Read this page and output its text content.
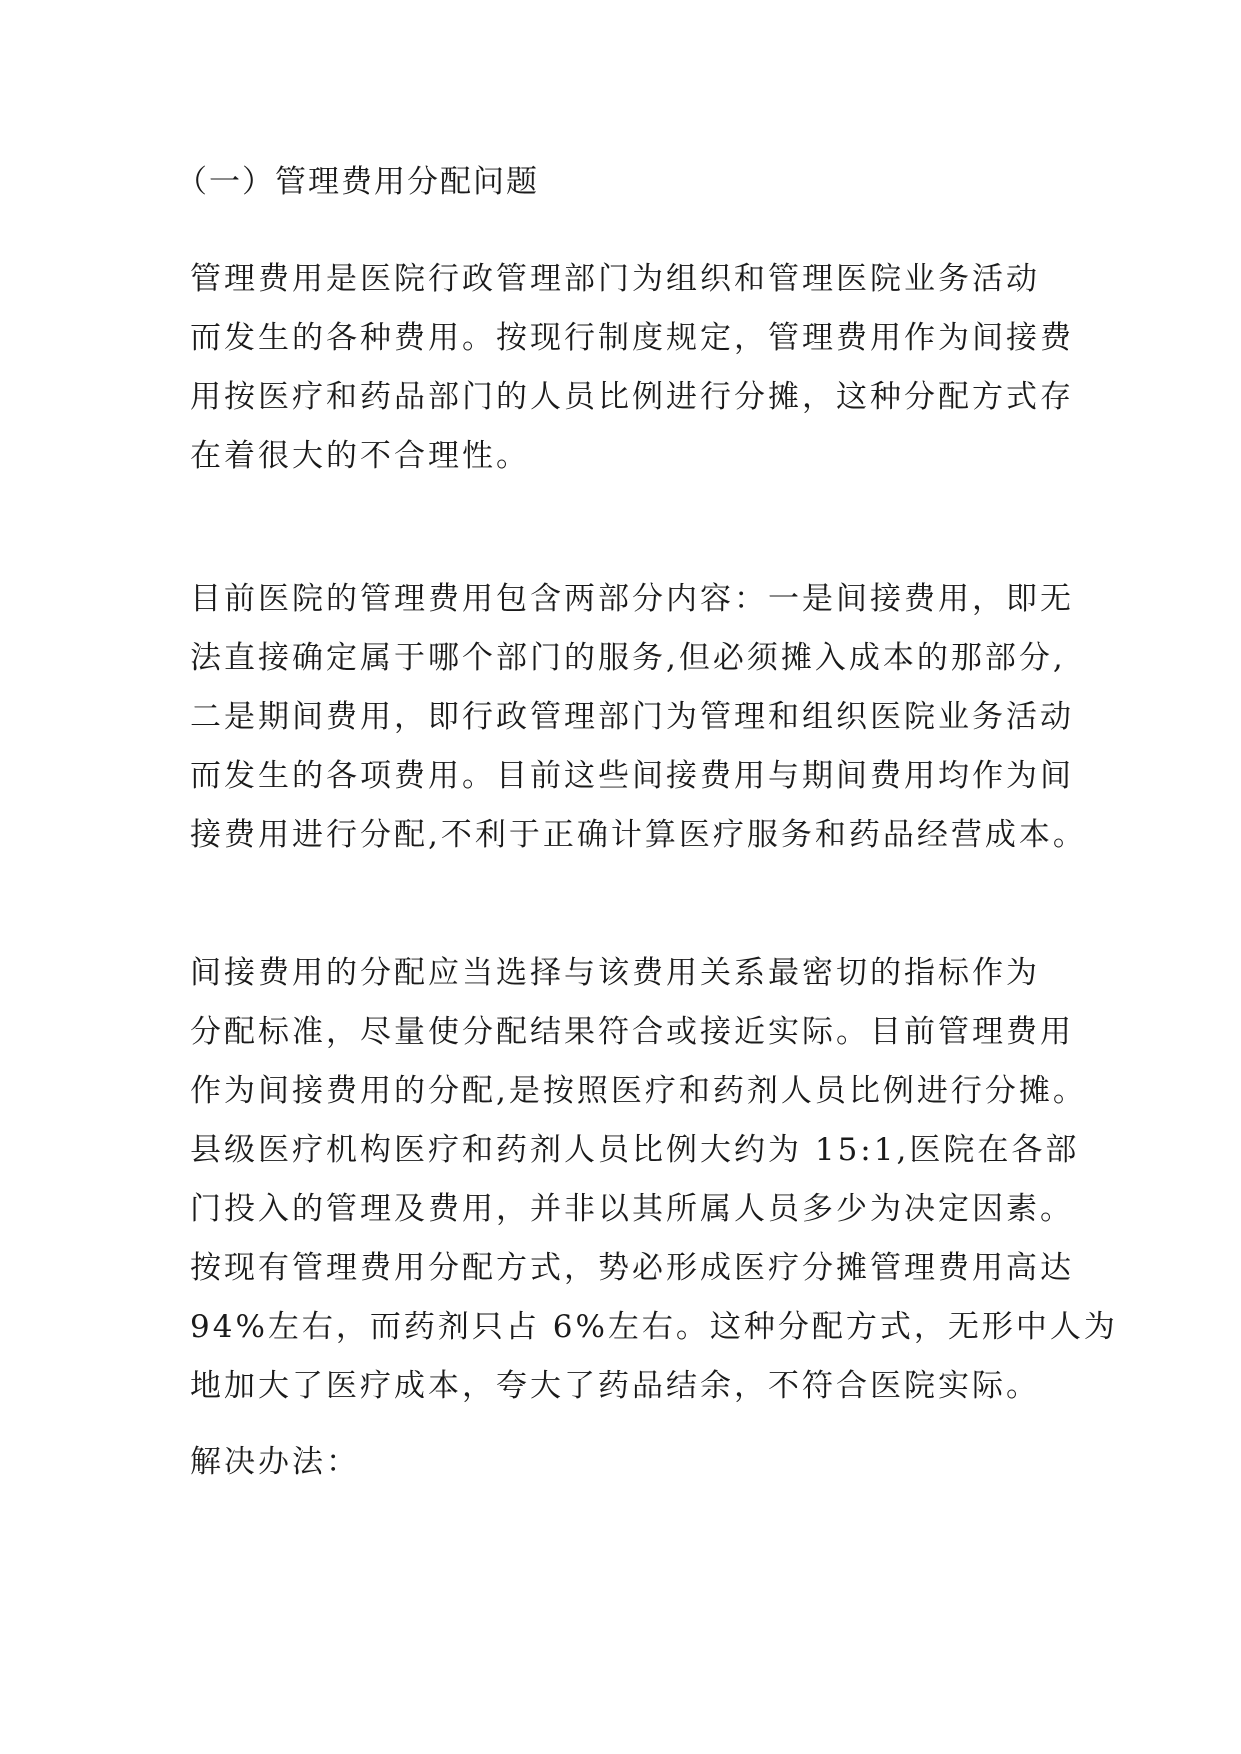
（一）管理费用分配问题
管理费用是医院行政管理部门为组织和管理医院业务活动
而发生的各种费用。按现行制度规定，管理费用作为间接费
用按医疗和药品部门的人员比例进行分摊，这种分配方式存
在着很大的不合理性。
目前医院的管理费用包含两部分内容：一是间接费用，即无
法直接确定属于哪个部门的服务,但必须摊入成本的那部分,
二是期间费用，即行政管理部门为管理和组织医院业务活动
而发生的各项费用。目前这些间接费用与期间费用均作为间
接费用进行分配,不利于正确计算医疗服务和药品经营成本。
间接费用的分配应当选择与该费用关系最密切的指标作为
分配标准，尽量使分配结果符合或接近实际。目前管理费用
作为间接费用的分配,是按照医疗和药剂人员比例进行分摊。
县级医疗机构医疗和药剂人员比例大约为 15:1,医院在各部
门投入的管理及费用，并非以其所属人员多少为决定因素。
按现有管理费用分配方式，势必形成医疗分摊管理费用高达
94%左右，而药剂只占 6%左右。这种分配方式，无形中人为
地加大了医疗成本，夸大了药品结余，不符合医院实际。
解决办法：
